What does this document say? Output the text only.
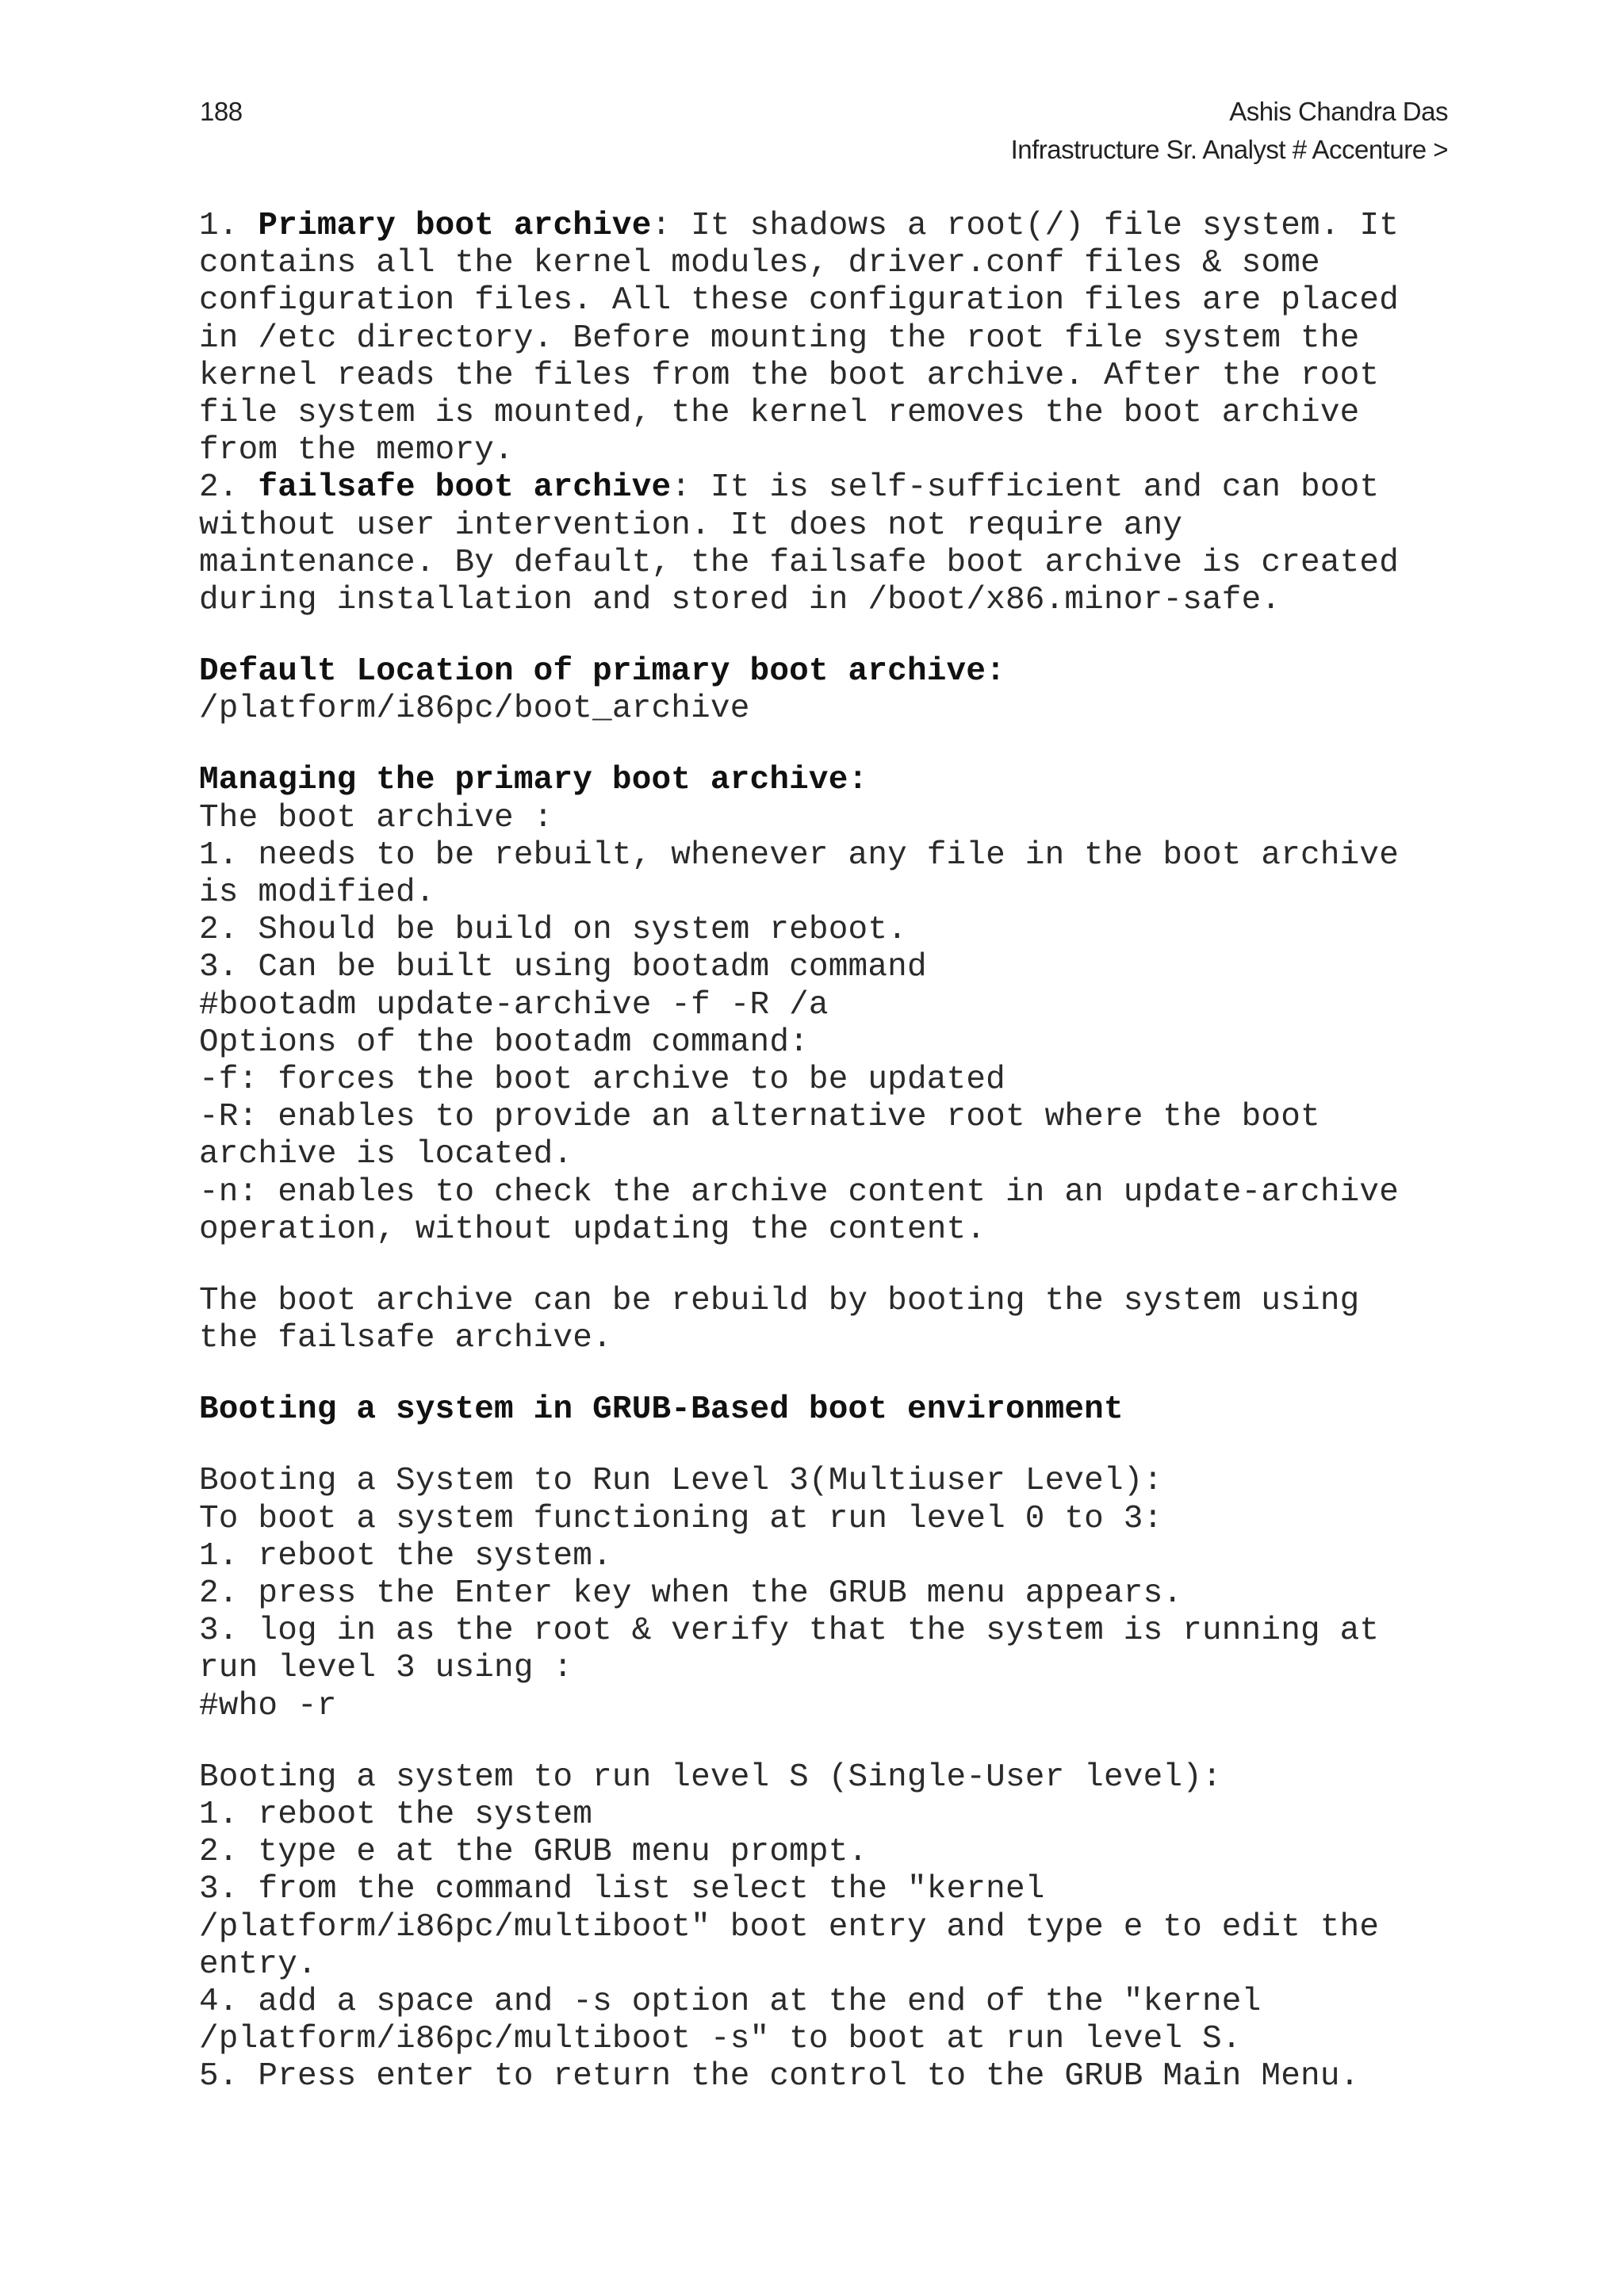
188	Ashis Chandra Das
Infrastructure Sr. Analyst # Accenture >
1. Primary boot archive: It shadows a root(/) file system. It
contains all the kernel modules, driver.conf files & some
configuration files. All these configuration files are placed
in /etc directory. Before mounting the root file system the
kernel reads the files from the boot archive. After the root
file system is mounted, the kernel removes the boot archive
from the memory.
2. failsafe boot archive: It is self-sufficient and can boot
without user intervention. It does not require any
maintenance. By default, the failsafe boot archive is created
during installation and stored in /boot/x86.minor-safe.
Default Location of primary boot archive:
/platform/i86pc/boot_archive
Managing the primary boot archive:
The boot archive :
1. needs to be rebuilt, whenever any file in the boot archive
is modified.
2. Should be build on system reboot.
3. Can be built using bootadm command
#bootadm update-archive -f -R /a
Options of the bootadm command:
-f: forces the boot archive to be updated
-R: enables to provide an alternative root where the boot
archive is located.
-n: enables to check the archive content in an update-archive
operation, without updating the content.
The boot archive can be rebuild by booting the system using
the failsafe archive.
Booting a system in GRUB-Based boot environment
Booting a System to Run Level 3(Multiuser Level):
To boot a system functioning at run level 0 to 3:
1. reboot the system.
2. press the Enter key when the GRUB menu appears.
3. log in as the root & verify that the system is running at
run level 3 using :
#who -r
Booting a system to run level S (Single-User level):
1. reboot the system
2. type e at the GRUB menu prompt.
3. from the command list select the "kernel
/platform/i86pc/multiboot" boot entry and type e to edit the
entry.
4. add a space and -s option at the end of the "kernel
/platform/i86pc/multiboot -s" to boot at run level S.
5. Press enter to return the control to the GRUB Main Menu.
